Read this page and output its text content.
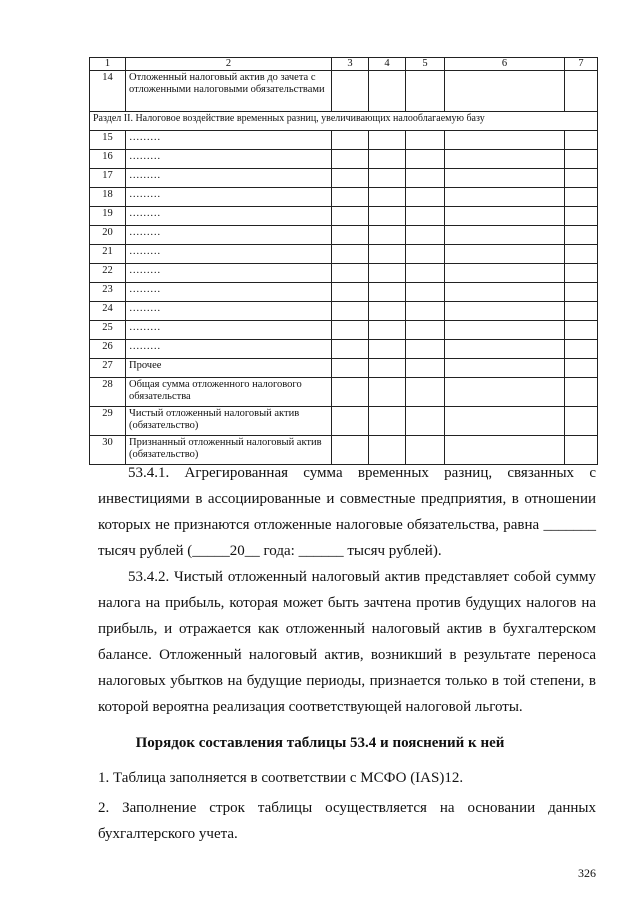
1	2	3	4	5	6	7
14	Отложенный налоговый актив до зачета с отложенными налоговыми обязательствами					
Раздел II. Налоговое воздействие временных разниц, увеличивающих налооблагаемую базу						
15	………					
16	………					
17	………					
18	………					
19	………					
20	………					
21	………					
22	………					
23	………					
24	………					
25	………					
26	………					
27	Прочее					
28	Общая сумма отложенного налогового обязательства					
29	Чистый отложенный налоговый актив (обязательство)					
30	Признанный отложенный налоговый актив (обязательство)					

53.4.1. Агрегированная сумма временных разниц, связанных с инвестициями в ассоциированные и совместные предприятия, в отношении которых не признаются отложенные налоговые обязательства, равна _______ тысяч рублей (_____20__ года: ______ тысяч рублей).

53.4.2. Чистый отложенный налоговый актив представляет собой сумму налога на прибыль, которая может быть зачтена против будущих налогов на прибыль, и отражается как отложенный налоговый актив в бухгалтерском балансе. Отложенный налоговый актив, возникший в результате переноса налоговых убытков на будущие периоды, признается только в той степени, в которой вероятна реализация соответствующей налоговой льготы.

Порядок составления таблицы 53.4 и пояснений к ней

1. Таблица заполняется в соответствии с МСФО (IAS)12.

2. Заполнение строк таблицы осуществляется на основании данных бухгалтерского учета.

326
